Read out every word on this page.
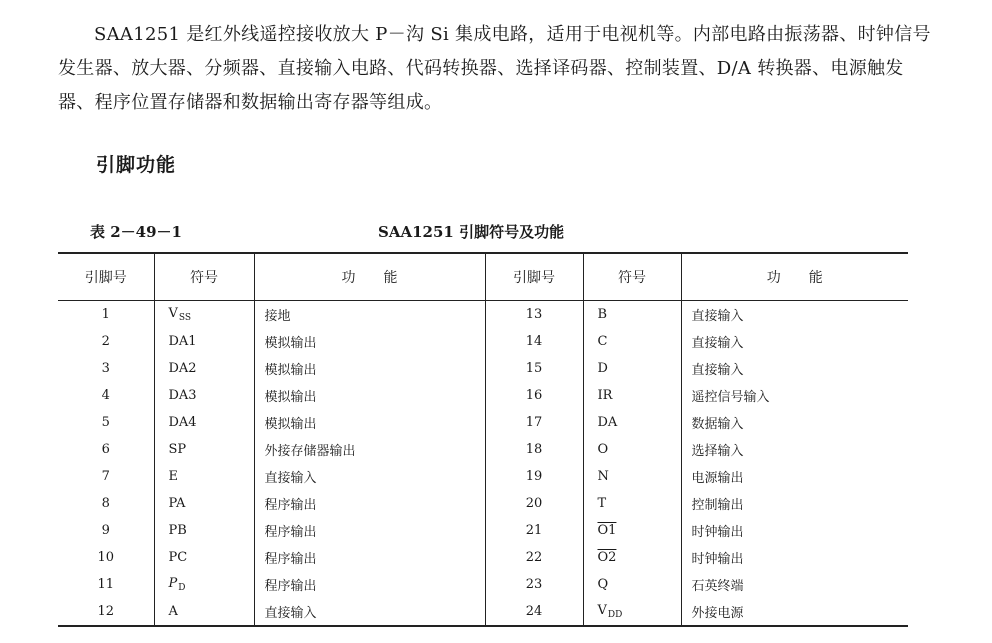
SAA1251 是红外线遥控接收放大 P－沟 Si 集成电路，适用于电视机等。内部电路由振荡器、时钟信号发生器、放大器、分频器、直接输入电路、代码转换器、选择译码器、控制装置、D/A 转换器、电源触发器、程序位置存储器和数据输出寄存器等组成。

引脚功能
表 2－49－1	SAA1251 引脚符号及功能
引脚号	符号	功　　能	引脚号	符号	功　　能
1	$V_{SS}$	接地	13	B	直接输入
2	DA1	模拟输出	14	C	直接输入
3	DA2	模拟输出	15	D	直接输入
4	DA3	模拟输出	16	IR	遥控信号输入
5	DA4	模拟输出	17	DA	数据输入
6	SP	外接存储器输出	18	O	选择输入
7	E	直接输入	19	N	电源输出
8	PA	程序输出	20	T	控制输出
9	PB	程序输出	21	O1	时钟输出
10	PC	程序输出	22	O2	时钟输出
11	$P_D$	程序输出	23	Q	石英终端
12	A	直接输入	24	$V_{DD}$	外接电源
